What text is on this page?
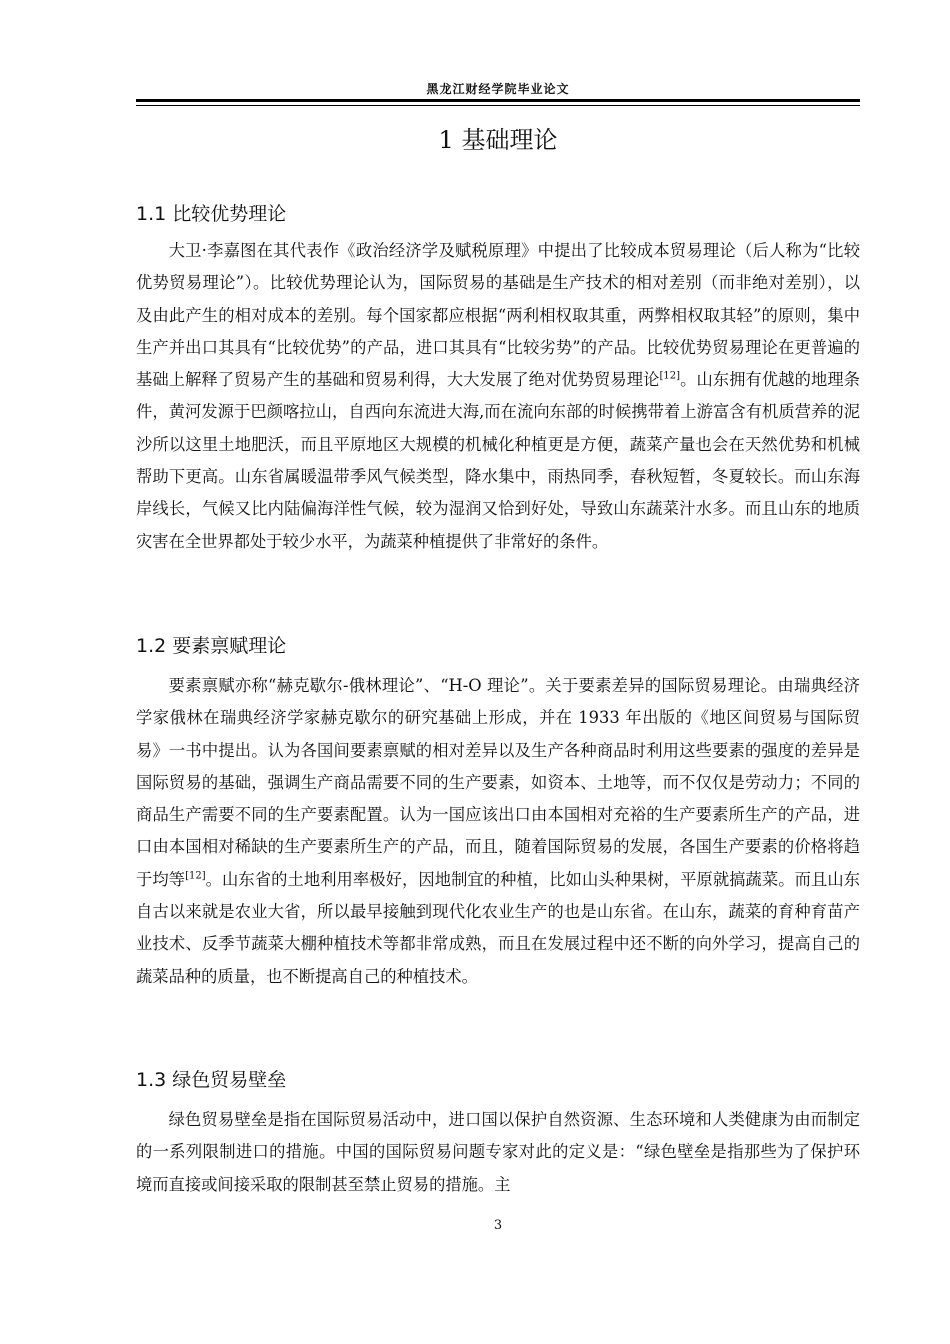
黑龙江财经学院毕业论文
1 基础理论
1.1 比较优势理论

大卫·李嘉图在其代表作《政治经济学及赋税原理》中提出了比较成本贸易理论（后人称为“比较优势贸易理论”）。比较优势理论认为，国际贸易的基础是生产技术的相对差别（而非绝对差别），以及由此产生的相对成本的差别。每个国家都应根据“两利相权取其重，两弊相权取其轻”的原则，集中生产并出口其具有“比较优势”的产品，进口其具有“比较劣势”的产品。比较优势贸易理论在更普遍的基础上解释了贸易产生的基础和贸易利得，大大发展了绝对优势贸易理论[12]。山东拥有优越的地理条件，黄河发源于巴颜喀拉山，自西向东流进大海,而在流向东部的时候携带着上游富含有机质营养的泥沙所以这里土地肥沃，而且平原地区大规模的机械化种植更是方便，蔬菜产量也会在天然优势和机械帮助下更高。山东省属暖温带季风气候类型，降水集中，雨热同季，春秋短暂，冬夏较长。而山东海岸线长，气候又比内陆偏海洋性气候，较为湿润又恰到好处，导致山东蔬菜汁水多。而且山东的地质灾害在全世界都处于较少水平，为蔬菜种植提供了非常好的条件。

1.2 要素禀赋理论

要素禀赋亦称“赫克歇尔-俄林理论”、“H-O 理论”。关于要素差异的国际贸易理论。由瑞典经济学家俄林在瑞典经济学家赫克歇尔的研究基础上形成，并在 1933 年出版的《地区间贸易与国际贸易》一书中提出。认为各国间要素禀赋的相对差异以及生产各种商品时利用这些要素的强度的差异是国际贸易的基础，强调生产商品需要不同的生产要素，如资本、土地等，而不仅仅是劳动力；不同的商品生产需要不同的生产要素配置。认为一国应该出口由本国相对充裕的生产要素所生产的产品，进口由本国相对稀缺的生产要素所生产的产品，而且，随着国际贸易的发展，各国生产要素的价格将趋于均等[12]。山东省的土地利用率极好，因地制宜的种植，比如山头种果树，平原就搞蔬菜。而且山东自古以来就是农业大省，所以最早接触到现代化农业生产的也是山东省。在山东，蔬菜的育种育苗产业技术、反季节蔬菜大棚种植技术等都非常成熟，而且在发展过程中还不断的向外学习，提高自己的蔬菜品种的质量，也不断提高自己的种植技术。

1.3 绿色贸易壁垒

绿色贸易壁垒是指在国际贸易活动中，进口国以保护自然资源、生态环境和人类健康为由而制定的一系列限制进口的措施。中国的国际贸易问题专家对此的定义是：“绿色壁垒是指那些为了保护环境而直接或间接采取的限制甚至禁止贸易的措施。主

3
